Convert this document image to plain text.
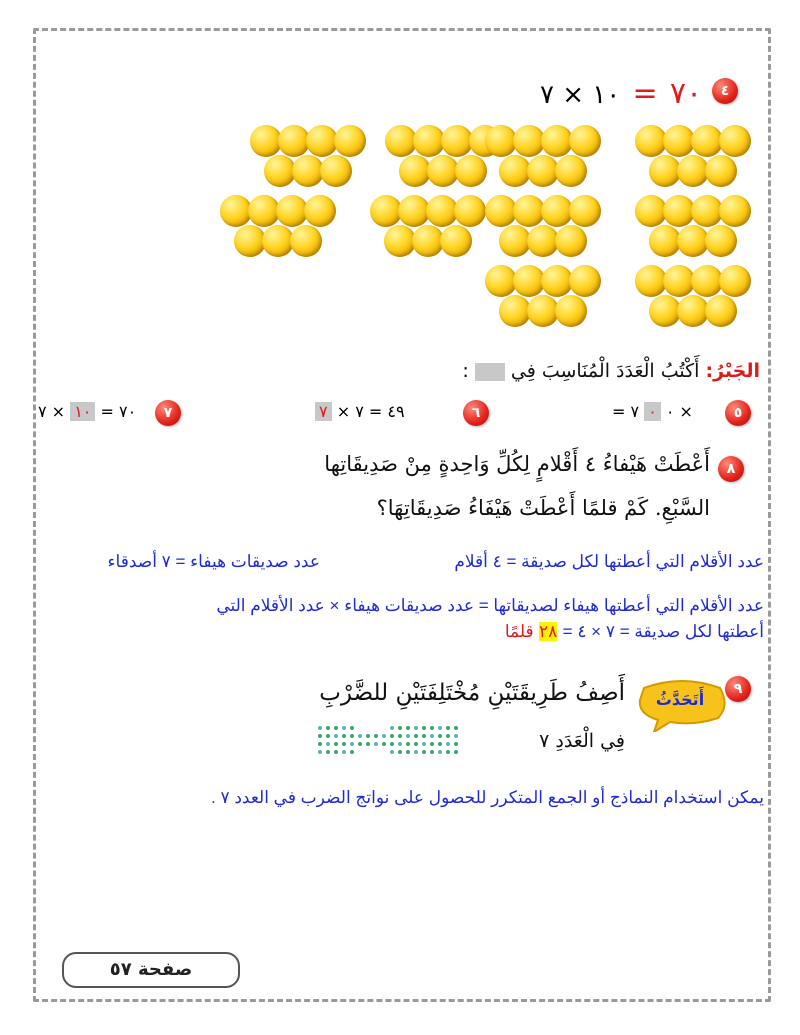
٤
٧٠ = ١٠ × ٧
الجَبْرُ: أَكْتُبُ الْعَدَدَ الْمُنَاسِبَ فِي  :
٥
= ٠ ٠ ٧ ×
٦
٤٩ = ٧ × ٧
٧
٧٠ = ١٠ × ٧
٨
أَعْطَتْ هَيْفاءُ ٤ أَقْلامٍ لِكُلِّ وَاحِدةٍ مِنْ صَدِيقَاتِها
السَّبْعِ. كَمْ قلمًا أَعْطَتْ هَيْفَاءُ صَدِيقَاتِهَا؟
عدد الأقلام التي أعطتها لكل صديقة = ٤ أقلام
عدد صديقات هيفاء = ٧ أصدقاء
عدد الأقلام التي أعطتها هيفاء لصديقاتها = عدد صديقات هيفاء × عدد الأقلام التي
أعطتها لكل صديقة = ٧ × ٤ = ٢٨ قلمًا
٩
أَتَحَدَّثُ
أَصِفُ طَرِيقَتَيْنِ مُخْتَلِفَتَيْنِ للضَّرْبِ
فِي الْعَدَدِ ٧
يمكن استخدام النماذج أو الجمع المتكرر للحصول على نواتج الضرب في العدد ٧ .
صفحة ٥٧
